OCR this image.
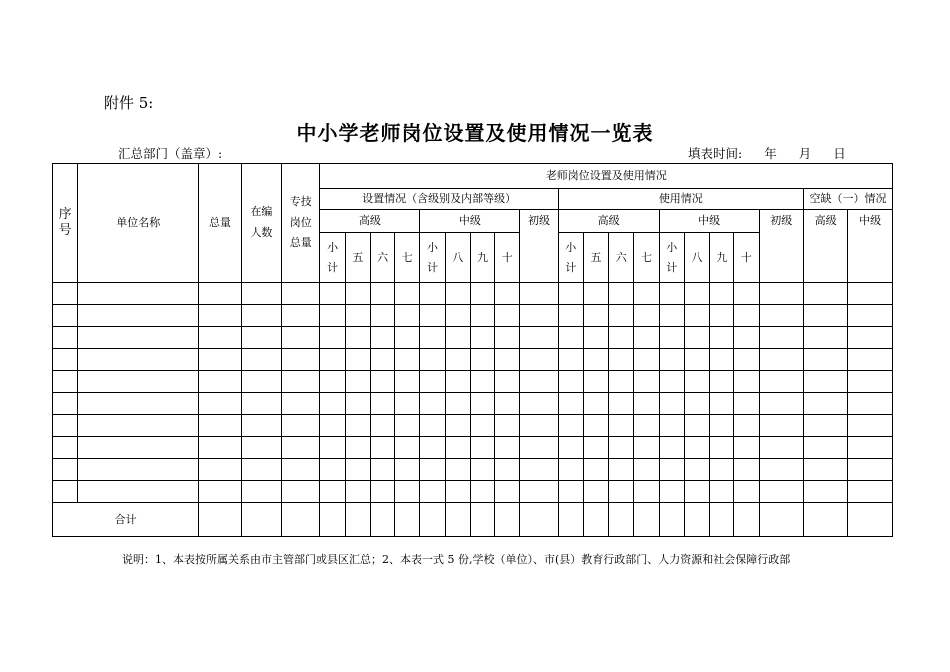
附件 5:
中小学老师岗位设置及使用情况一览表
汇总部门（盖章）:	填表时间: 年 月 日
序号	单位名称	总量	在编人数	专技岗位总量	老师岗位设置及使用情况																			
					设置情况（含级别及内部等级）									使用情况									空缺（一）情况	
					高级				中级				初级	高级				中级				初级	高级	中级
					小计	五	六	七	小计	八	九	十		小计	五	六	七	小计	八	九	十			

合计																								
说明：1、本表按所属关系由市主管部门或县区汇总；2、本表一式 5 份,学校（单位）、市(县）教育行政部门、人力资源和社会保障行政部
